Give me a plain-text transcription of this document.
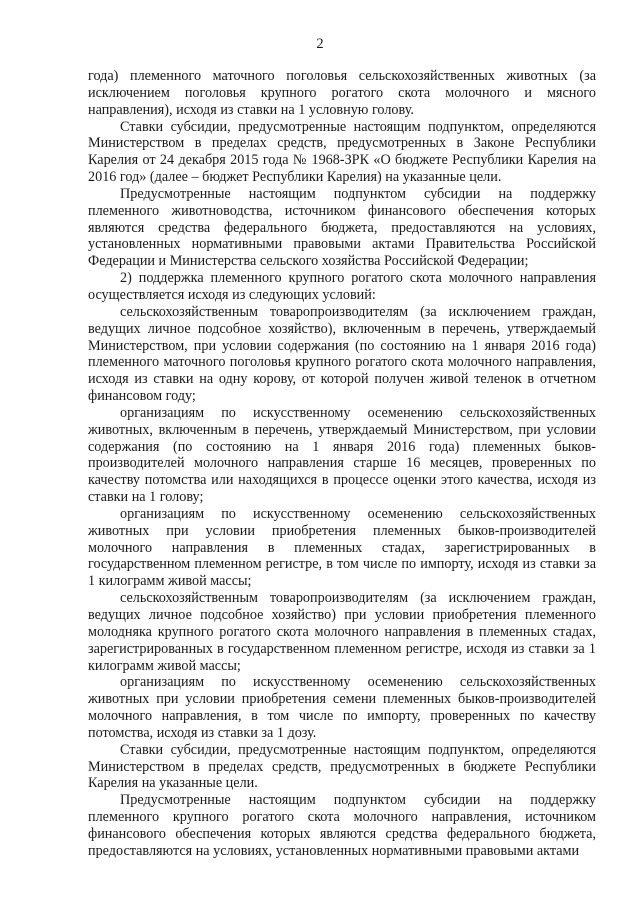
2

года) племенного маточного поголовья сельскохозяйственных животных (за исключением поголовья крупного рогатого скота молочного и мясного направления), исходя из ставки на 1 условную голову.

Ставки субсидии, предусмотренные настоящим подпунктом, определяются Министерством в пределах средств, предусмотренных в Законе Республики Карелия от 24 декабря 2015 года № 1968-ЗРК «О бюджете Республики Карелия на 2016 год» (далее – бюджет Республики Карелия) на указанные цели.

Предусмотренные настоящим подпунктом субсидии на поддержку племенного животноводства, источником финансового обеспечения которых являются средства федерального бюджета, предоставляются на условиях, установленных нормативными правовыми актами Правительства Российской Федерации и Министерства сельского хозяйства Российской Федерации;

2) поддержка племенного крупного рогатого скота молочного направления осуществляется исходя из следующих условий:

сельскохозяйственным товаропроизводителям (за исключением граждан, ведущих личное подсобное хозяйство), включенным в перечень, утверждаемый Министерством, при условии содержания (по состоянию на 1 января 2016 года) племенного маточного поголовья крупного рогатого скота молочного направления, исходя из ставки на одну корову, от которой получен живой теленок в отчетном финансовом году;

организациям по искусственному осеменению сельскохозяйственных животных, включенным в перечень, утверждаемый Министерством, при условии содержания (по состоянию на 1 января 2016 года) племенных быков-производителей молочного направления старше 16 месяцев, проверенных по качеству потомства или находящихся в процессе оценки этого качества, исходя из ставки на 1 голову;

организациям по искусственному осеменению сельскохозяйственных животных при условии приобретения племенных быков-производителей молочного направления в племенных стадах, зарегистрированных в государственном племенном регистре, в том числе по импорту, исходя из ставки за 1 килограмм живой массы;

сельскохозяйственным товаропроизводителям (за исключением граждан, ведущих личное подсобное хозяйство) при условии приобретения племенного молодняка крупного рогатого скота молочного направления в племенных стадах, зарегистрированных в государственном племенном регистре, исходя из ставки за 1 килограмм живой массы;

организациям по искусственному осеменению сельскохозяйственных животных при условии приобретения семени племенных быков-производителей молочного направления, в том числе по импорту, проверенных по качеству потомства, исходя из ставки за 1 дозу.

Ставки субсидии, предусмотренные настоящим подпунктом, определяются Министерством в пределах средств, предусмотренных в бюджете Республики Карелия на указанные цели.

Предусмотренные настоящим подпунктом субсидии на поддержку племенного крупного рогатого скота молочного направления, источником финансового обеспечения которых являются средства федерального бюджета, предоставляются на условиях, установленных нормативными правовыми актами
